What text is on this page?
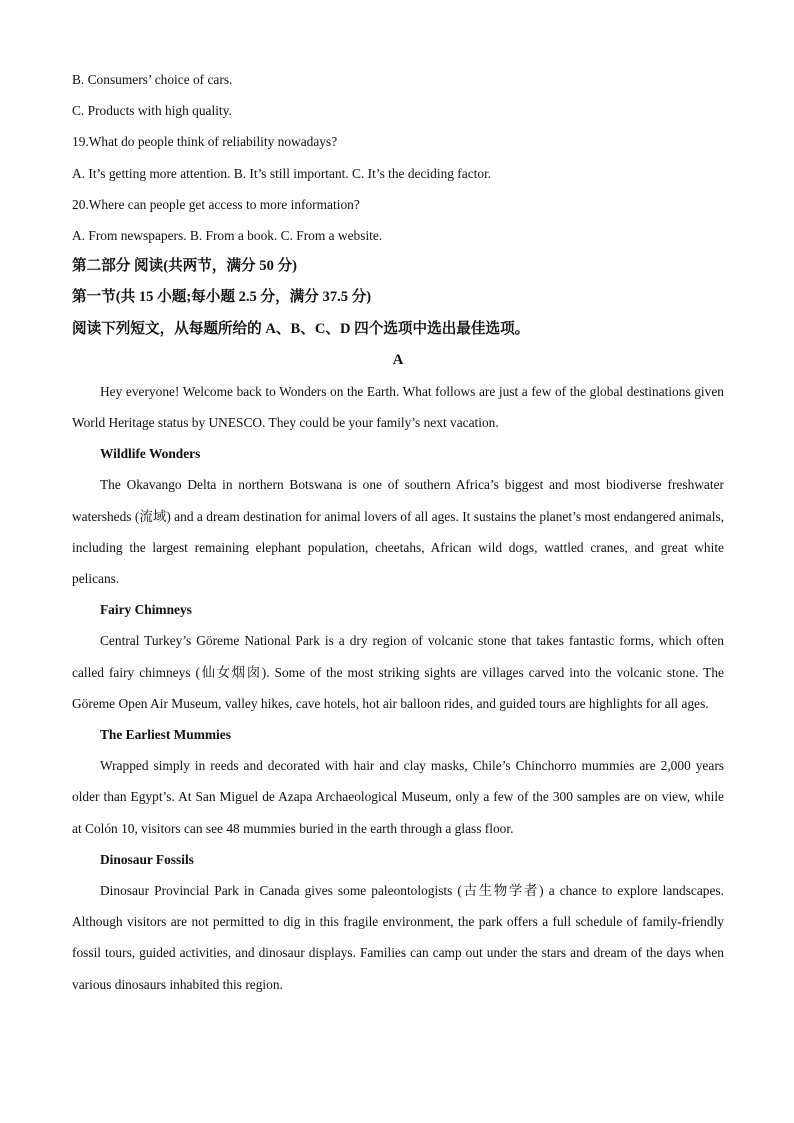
B. Consumers’ choice of cars.
C. Products with high quality.
19.What do people think of reliability nowadays?
A. It’s getting more attention. B. It’s still important. C. It’s the deciding factor.
20.Where can people get access to more information?
A. From newspapers. B. From a book. C. From a website.
第二部分 阅读(共两节，满分 50 分)
第一节(共 15 小题;每小题 2.5 分，满分 37.5 分)
阅读下列短文，从每题所给的 A、B、C、D 四个选项中选出最佳选项。
A

Hey everyone! Welcome back to Wonders on the Earth. What follows are just a few of the global destinations given World Heritage status by UNESCO. They could be your family’s next vacation.

Wildlife Wonders

The Okavango Delta in northern Botswana is one of southern Africa’s biggest and most biodiverse freshwater watersheds (流域) and a dream destination for animal lovers of all ages. It sustains the planet’s most endangered animals, including the largest remaining elephant population, cheetahs, African wild dogs, wattled cranes, and great white pelicans.

Fairy Chimneys

Central Turkey’s Göreme National Park is a dry region of volcanic stone that takes fantastic forms, which often called fairy chimneys (仙女烟囱). Some of the most striking sights are villages carved into the volcanic stone. The Göreme Open Air Museum, valley hikes, cave hotels, hot air balloon rides, and guided tours are highlights for all ages.

The Earliest Mummies

Wrapped simply in reeds and decorated with hair and clay masks, Chile’s Chinchorro mummies are 2,000 years older than Egypt’s. At San Miguel de Azapa Archaeological Museum, only a few of the 300 samples are on view, while at Colón 10, visitors can see 48 mummies buried in the earth through a glass floor.

Dinosaur Fossils

Dinosaur Provincial Park in Canada gives some paleontologists (古生物学者) a chance to explore landscapes. Although visitors are not permitted to dig in this fragile environment, the park offers a full schedule of family-friendly fossil tours, guided activities, and dinosaur displays. Families can camp out under the stars and dream of the days when various dinosaurs inhabited this region.
